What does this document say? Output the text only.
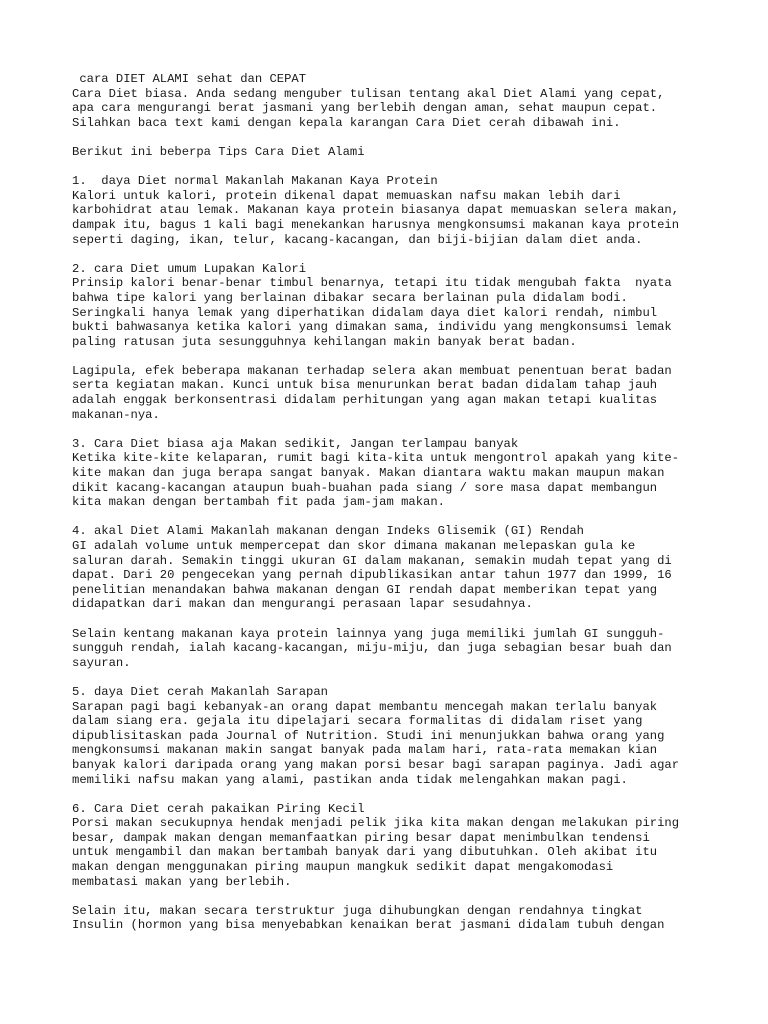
cara DIET ALAMI sehat dan CEPAT
Cara Diet biasa. Anda sedang menguber tulisan tentang akal Diet Alami yang cepat,
apa cara mengurangi berat jasmani yang berlebih dengan aman, sehat maupun cepat.
Silahkan baca text kami dengan kepala karangan Cara Diet cerah dibawah ini.
Berikut ini beberpa Tips Cara Diet Alami
1.  daya Diet normal Makanlah Makanan Kaya Protein
Kalori untuk kalori, protein dikenal dapat memuaskan nafsu makan lebih dari
karbohidrat atau lemak. Makanan kaya protein biasanya dapat memuaskan selera makan,
dampak itu, bagus 1 kali bagi menekankan harusnya mengkonsumsi makanan kaya protein
seperti daging, ikan, telur, kacang-kacangan, dan biji-bijian dalam diet anda.
2. cara Diet umum Lupakan Kalori
Prinsip kalori benar-benar timbul benarnya, tetapi itu tidak mengubah fakta  nyata
bahwa tipe kalori yang berlainan dibakar secara berlainan pula didalam bodi.
Seringkali hanya lemak yang diperhatikan didalam daya diet kalori rendah, nimbul
bukti bahwasanya ketika kalori yang dimakan sama, individu yang mengkonsumsi lemak
paling ratusan juta sesungguhnya kehilangan makin banyak berat badan.
Lagipula, efek beberapa makanan terhadap selera akan membuat penentuan berat badan
serta kegiatan makan. Kunci untuk bisa menurunkan berat badan didalam tahap jauh
adalah enggak berkonsentrasi didalam perhitungan yang agan makan tetapi kualitas
makanan-nya.
3. Cara Diet biasa aja Makan sedikit, Jangan terlampau banyak
Ketika kite-kite kelaparan, rumit bagi kita-kita untuk mengontrol apakah yang kite-
kite makan dan juga berapa sangat banyak. Makan diantara waktu makan maupun makan
dikit kacang-kacangan ataupun buah-buahan pada siang / sore masa dapat membangun
kita makan dengan bertambah fit pada jam-jam makan.
4. akal Diet Alami Makanlah makanan dengan Indeks Glisemik (GI) Rendah
GI adalah volume untuk mempercepat dan skor dimana makanan melepaskan gula ke
saluran darah. Semakin tinggi ukuran GI dalam makanan, semakin mudah tepat yang di
dapat. Dari 20 pengecekan yang pernah dipublikasikan antar tahun 1977 dan 1999, 16
penelitian menandakan bahwa makanan dengan GI rendah dapat memberikan tepat yang
didapatkan dari makan dan mengurangi perasaan lapar sesudahnya.
Selain kentang makanan kaya protein lainnya yang juga memiliki jumlah GI sungguh-
sungguh rendah, ialah kacang-kacangan, miju-miju, dan juga sebagian besar buah dan
sayuran.
5. daya Diet cerah Makanlah Sarapan
Sarapan pagi bagi kebanyak-an orang dapat membantu mencegah makan terlalu banyak
dalam siang era. gejala itu dipelajari secara formalitas di didalam riset yang
dipublisitaskan pada Journal of Nutrition. Studi ini menunjukkan bahwa orang yang
mengkonsumsi makanan makin sangat banyak pada malam hari, rata-rata memakan kian
banyak kalori daripada orang yang makan porsi besar bagi sarapan paginya. Jadi agar
memiliki nafsu makan yang alami, pastikan anda tidak melengahkan makan pagi.
6. Cara Diet cerah pakaikan Piring Kecil
Porsi makan secukupnya hendak menjadi pelik jika kita makan dengan melakukan piring
besar, dampak makan dengan memanfaatkan piring besar dapat menimbulkan tendensi
untuk mengambil dan makan bertambah banyak dari yang dibutuhkan. Oleh akibat itu
makan dengan menggunakan piring maupun mangkuk sedikit dapat mengakomodasi
membatasi makan yang berlebih.
Selain itu, makan secara terstruktur juga dihubungkan dengan rendahnya tingkat
Insulin (hormon yang bisa menyebabkan kenaikan berat jasmani didalam tubuh dengan
